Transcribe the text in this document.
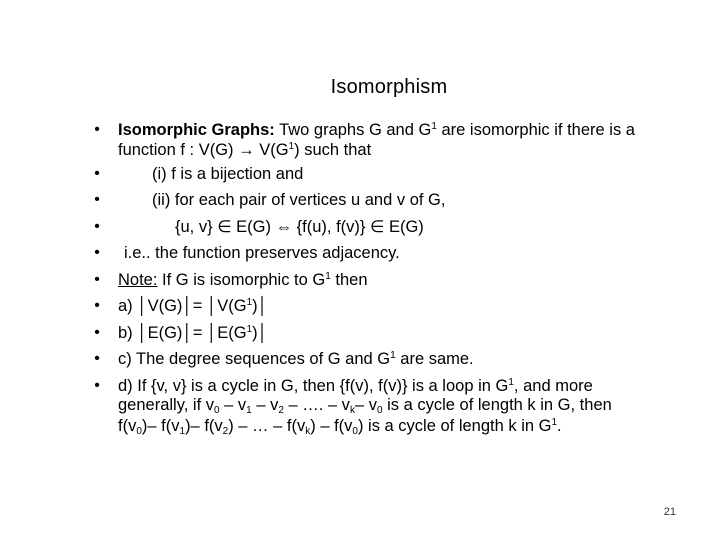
Isomorphism
• Isomorphic Graphs: Two graphs G and $G^1$ are isomorphic if there is a
function f : $V(G) \to V(G^1)$ such that
•	(i) f is a bijection and
•	(ii) for each pair of vertices u and v of G,
•	{u, v} ∈ E(G) ⇔ {f(u), f(v)} ∈ E(G)
• i.e.. the function preserves adjacency.
• Note: If G is isomorphic to $G^1$ then
• a) │V(G)│= $│V(G^1)│$
• b) │E(G)│= $│E(G^1)│$
• c) The degree sequences of G and $G^1$ are same.
• d) If {v, v} is a cycle in G, then {f(v), f(v)} is a loop in $G^1$, and more
generally, if $v_0 - v_1 - v_2$ – …. – $v_k-$ $v_0$ is a cycle of length k in G, then
$f(v_0)-$ $f(v_1)-$ $f(v_2)$ – … – $f(v_k) - f(v_0)$ is a cycle of length k in $G^1$.
21
